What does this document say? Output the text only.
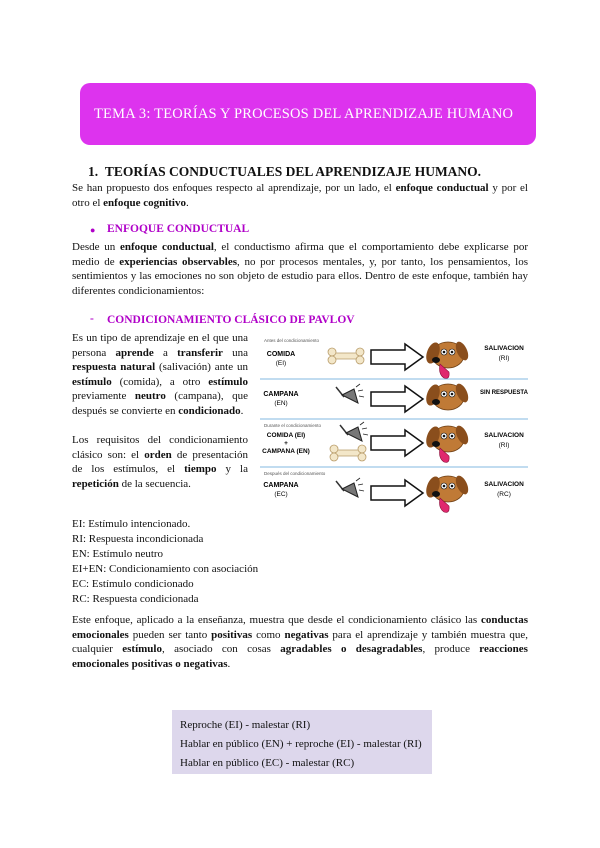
TEMA 3: TEORÍAS Y PROCESOS DEL APRENDIZAJE HUMANO
1. TEORÍAS CONDUCTUALES DEL APRENDIZAJE HUMANO.

Se han propuesto dos enfoques respecto al aprendizaje, por un lado, el enfoque conductual y por el otro el enfoque cognitivo.

● ENFOQUE CONDUCTUAL

Desde un enfoque conductual, el conductismo afirma que el comportamiento debe explicarse por medio de experiencias observables, no por procesos mentales, y, por tanto, los pensamientos, los sentimientos y las emociones no son objeto de estudio para ellos. Dentro de este enfoque, también hay diferentes condicionamientos:

- CONDICIONAMIENTO CLÁSICO DE PAVLOV

Es un tipo de aprendizaje en el que una persona aprende a transferir una respuesta natural (salivación) ante un estímulo (comida), a otro estímulo previamente neutro (campana), que después se convierte en condicionado.

Los requisitos del condicionamiento clásico son: el orden de presentación de los estímulos, el tiempo y la repetición de la secuencia.

Antes del condicionamiento
COMIDA
(EI)
SALIVACION
(RI)
CAMPANA
(EN)
SIN RESPUESTA
Durante el condicionamiento
COMIDA (EI)
+
CAMPANA (EN)
SALIVACION
(RI)
Después del condicionamiento
CAMPANA
(EC)
SALIVACION
(RC)
EI: Estímulo intencionado.
RI: Respuesta incondicionada
EN: Estímulo neutro
EI+EN: Condicionamiento con asociación
EC: Estímulo condicionado
RC: Respuesta condicionada

Este enfoque, aplicado a la enseñanza, muestra que desde el condicionamiento clásico las conductas emocionales pueden ser tanto positivas como negativas para el aprendizaje y también muestra que, cualquier estímulo, asociado con cosas agradables o desagradables, produce reacciones emocionales positivas o negativas.

Reproche (EI) - malestar (RI)
Hablar en público (EN) + reproche (EI) - malestar (RI)
Hablar en público (EC) - malestar (RC)
